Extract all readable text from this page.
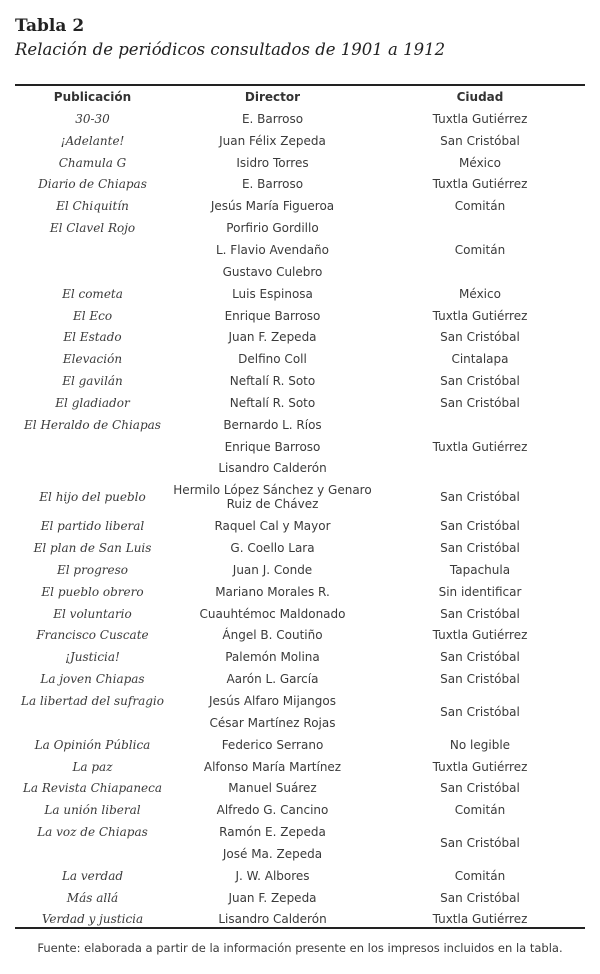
Tabla 2
Relación de periódicos consultados de 1901 a 1912
Publicación	Director	Ciudad
30-30	E. Barroso	Tuxtla Gutiérrez
¡Adelante!	Juan Félix Zepeda	San Cristóbal
Chamula G	Isidro Torres	México
Diario de Chiapas	E. Barroso	Tuxtla Gutiérrez
El Chiquitín	Jesús María Figueroa	Comitán
El Clavel Rojo	Porfirio Gordillo	
	L. Flavio Avendaño	Comitán
	Gustavo Culebro	
El cometa	Luis Espinosa	México
El Eco	Enrique Barroso	Tuxtla Gutiérrez
El Estado	Juan F. Zepeda	San Cristóbal
Elevación	Delfino Coll	Cintalapa
El gavilán	Neftalí R. Soto	San Cristóbal
El gladiador	Neftalí R. Soto	San Cristóbal
El Heraldo de Chiapas	Bernardo L. Ríos	
	Enrique Barroso	Tuxtla Gutiérrez
	Lisandro Calderón	
El hijo del pueblo	Hermilo López Sánchez y Genaro Ruiz de Chávez	San Cristóbal
El partido liberal	Raquel Cal y Mayor	San Cristóbal
El plan de San Luis	G. Coello Lara	San Cristóbal
El progreso	Juan J. Conde	Tapachula
El pueblo obrero	Mariano Morales R.	Sin identificar
El voluntario	Cuauhtémoc Maldonado	San Cristóbal
Francisco Cuscate	Ángel B. Coutiño	Tuxtla Gutiérrez
¡Justicia!	Palemón Molina	San Cristóbal
La joven Chiapas	Aarón L. García	San Cristóbal
La libertad del sufragio	Jesús Alfaro Mijangos	San Cristóbal
	César Martínez Rojas	
La Opinión Pública	Federico Serrano	No legible
La paz	Alfonso María Martínez	Tuxtla Gutiérrez
La Revista Chiapaneca	Manuel Suárez	San Cristóbal
La unión liberal	Alfredo G. Cancino	Comitán
La voz de Chiapas	Ramón E. Zepeda	San Cristóbal
	José Ma. Zepeda	
La verdad	J. W. Albores	Comitán
Más allá	Juan F. Zepeda	San Cristóbal
Verdad y justicia	Lisandro Calderón	Tuxtla Gutiérrez
Fuente: elaborada a partir de la información presente en los impresos incluidos en la tabla.
